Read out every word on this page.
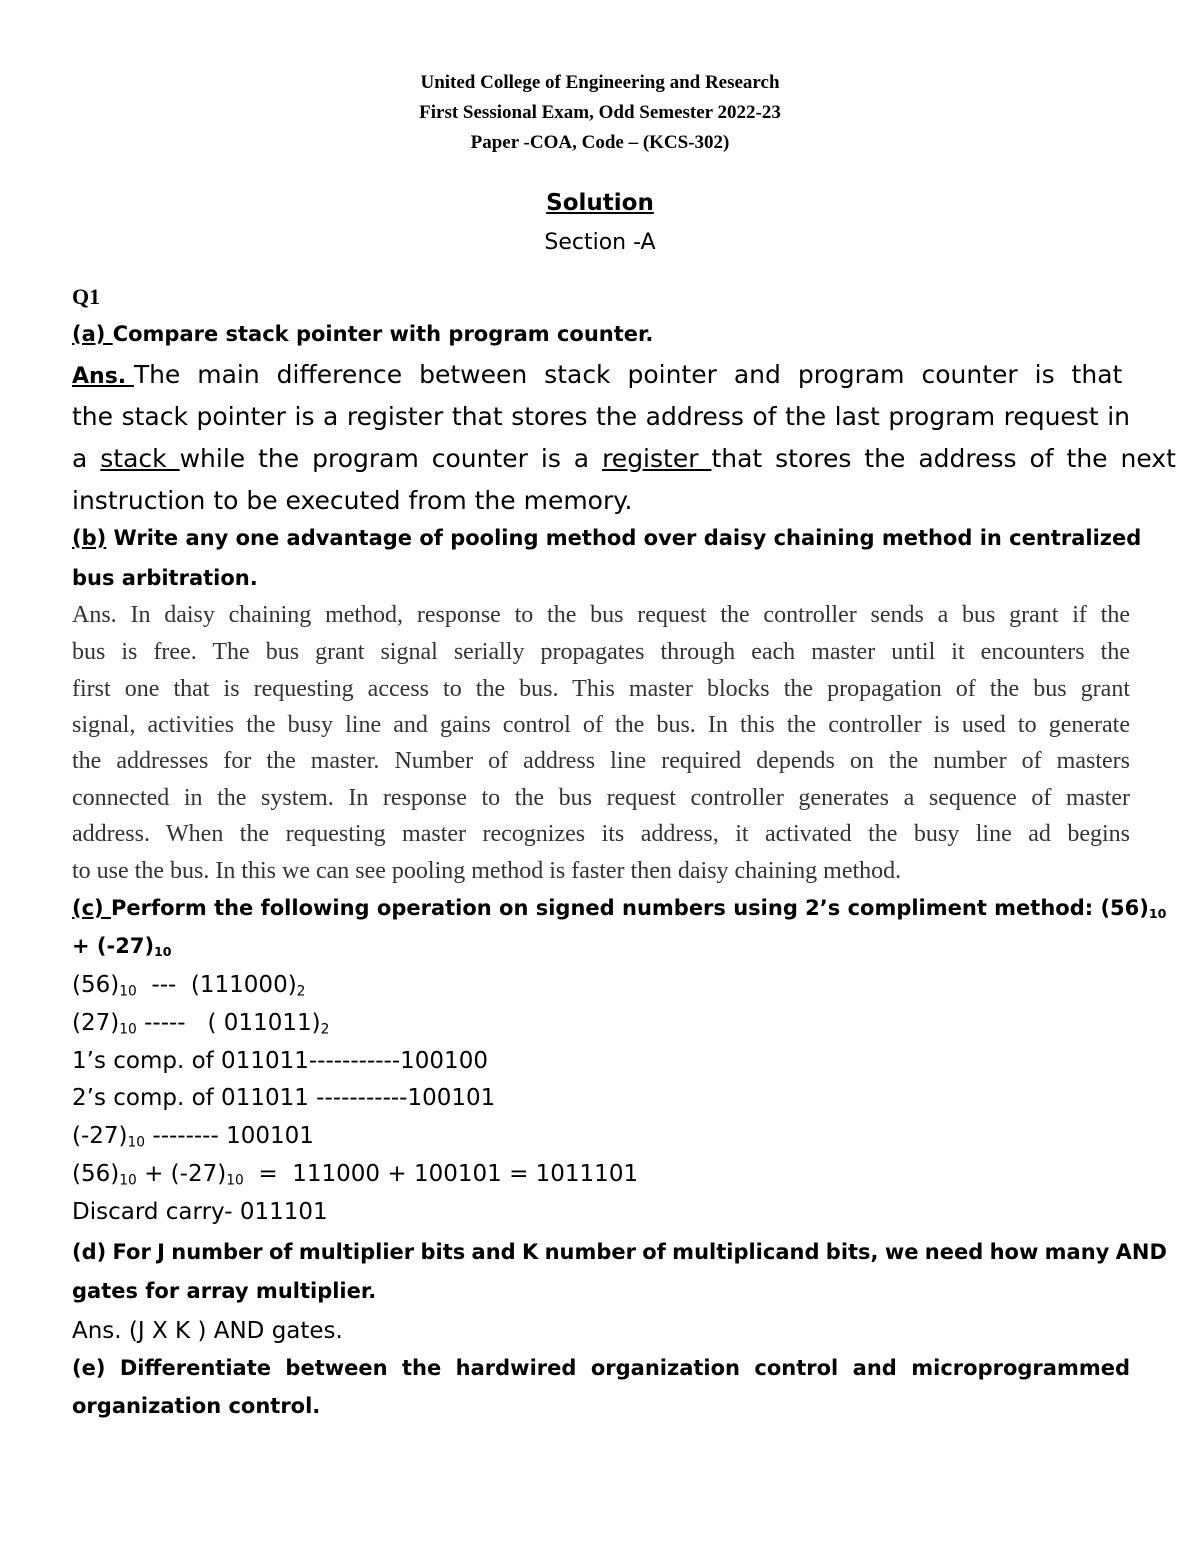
United College of Engineering and Research
First Sessional Exam, Odd Semester 2022-23
Paper -COA, Code – (KCS-302)
Solution
Section -A
Q1
(a) Compare stack pointer with program counter.
Ans. The main difference between stack pointer and program counter is that
the stack pointer is a register that stores the address of the last program request in
a stack while the program counter is a register that stores the address of the next
instruction to be executed from the memory.
(b) Write any one advantage of pooling method over daisy chaining method in centralized
bus arbitration.
Ans. In daisy chaining method, response to the bus request the controller sends a bus grant if the
bus is free. The bus grant signal serially propagates through each master until it encounters the
first one that is requesting access to the bus. This master blocks the propagation of the bus grant
signal, activities the busy line and gains control of the bus. In this the controller is used to generate
the addresses for the master. Number of address line required depends on the number of masters
connected in the system. In response to the bus request controller generates a sequence of master
address. When the requesting master recognizes its address, it activated the busy line ad begins
to use the bus. In this we can see pooling method is faster then daisy chaining method.
(c) Perform the following operation on signed numbers using 2’s compliment method: $(56)_{10}$
+ $(-27)_{10}$
$(56)_{10}$  ---  $(111000)_2$
$(27)_{10}$ -----   ( $011011)_2$
1’s comp. of 011011-----------100100
2’s comp. of 011011 -----------100101
$(-27)_{10}$ -------- 100101
$(56)_{10} + (-27)_{10} = 111000 + 100101 = 1011101$
Discard carry- 011101
(d) For J number of multiplier bits and K number of multiplicand bits, we need how many AND
gates for array multiplier.
Ans. (J X K ) AND gates.
(e) Differentiate between the hardwired organization control and microprogrammed
organization control.
